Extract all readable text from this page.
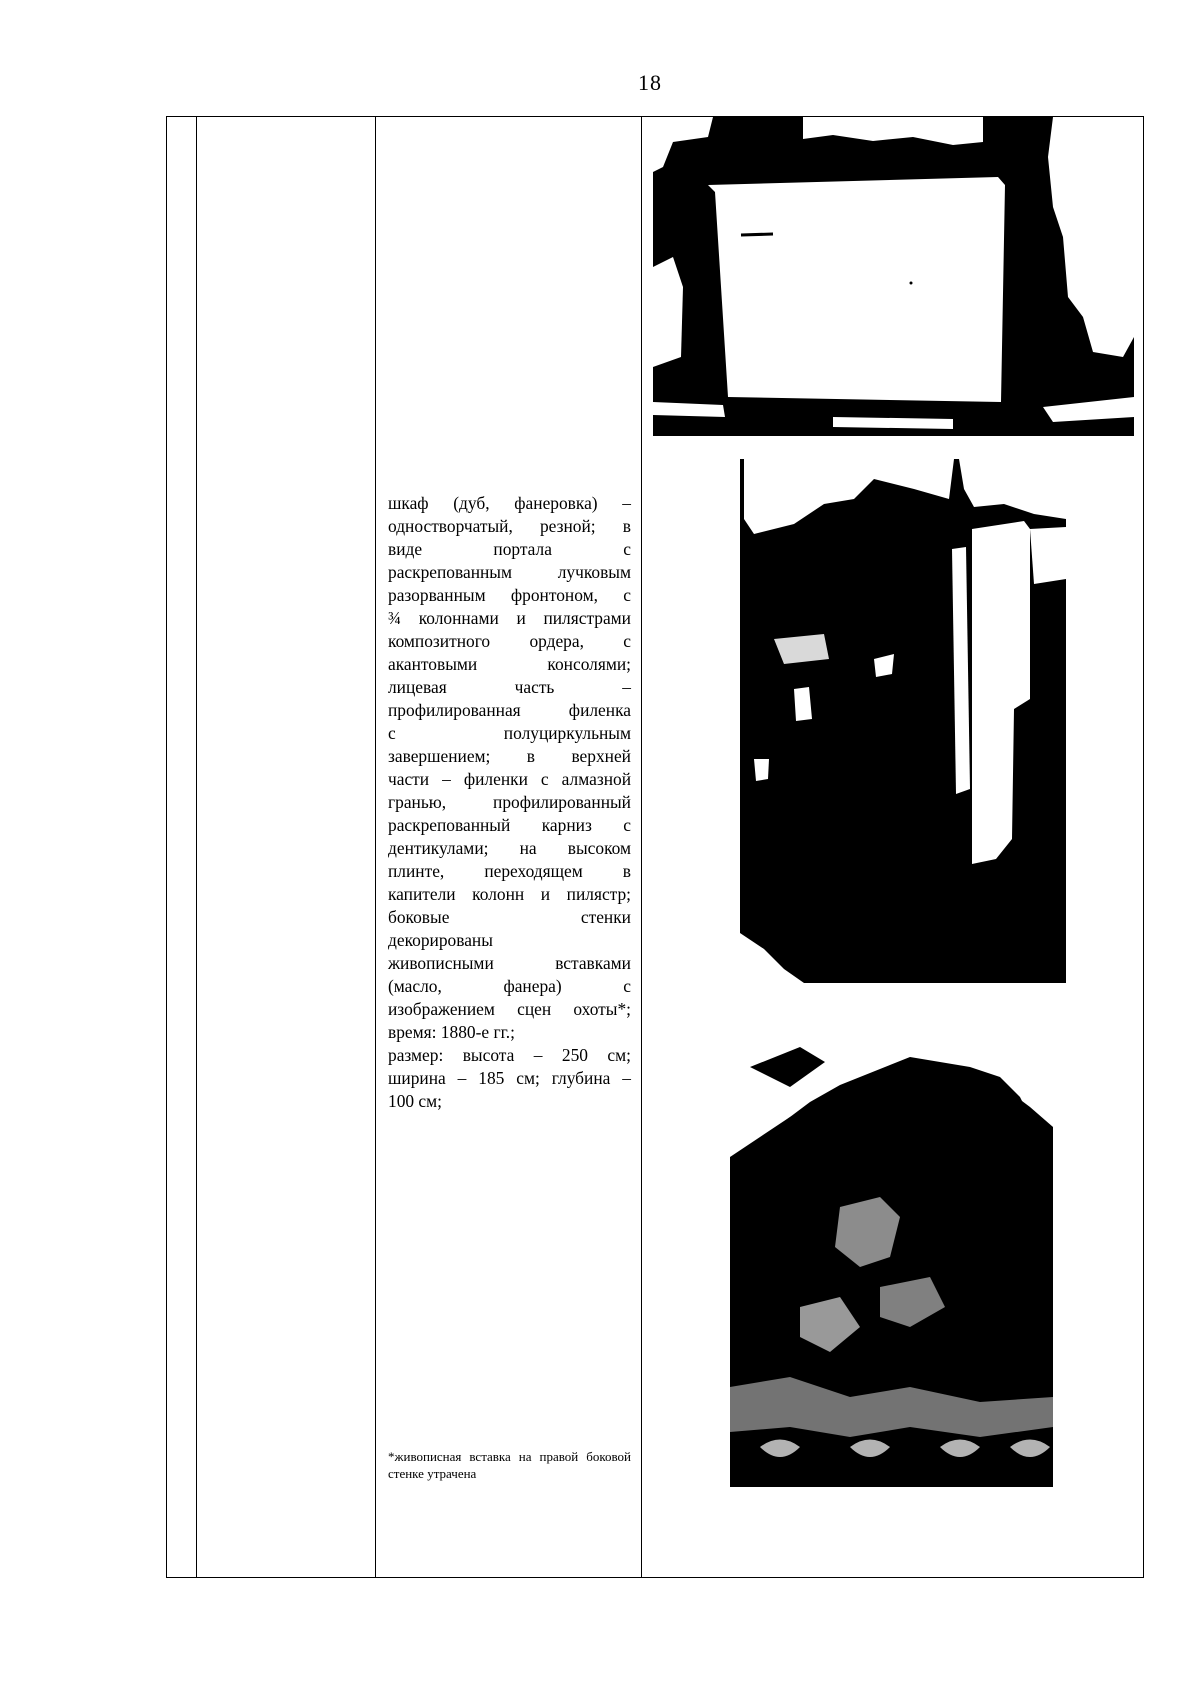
18

шкаф (дуб, фанеровка) –

одностворчатый, резной; в

виде портала с

раскрепованным лучковым

разорванным фронтоном, с

¾ колоннами и пилястрами

композитного ордера, с

акантовыми консолями;

лицевая часть –

профилированная филенка

с полуциркульным

завершением; в верхней

части – филенки с алмазной

гранью, профилированный

раскрепованный карниз с

дентикулами; на высоком

плинте, переходящем в

капители колонн и пилястр;

боковые стенки

декорированы

живописными вставками

(масло, фанера) с

изображением сцен охоты*;

время: 1880-е гг.;

размер: высота – 250 см;

ширина – 185 см; глубина –

100 см;

*живописная вставка на правой боковой стенке утрачена
